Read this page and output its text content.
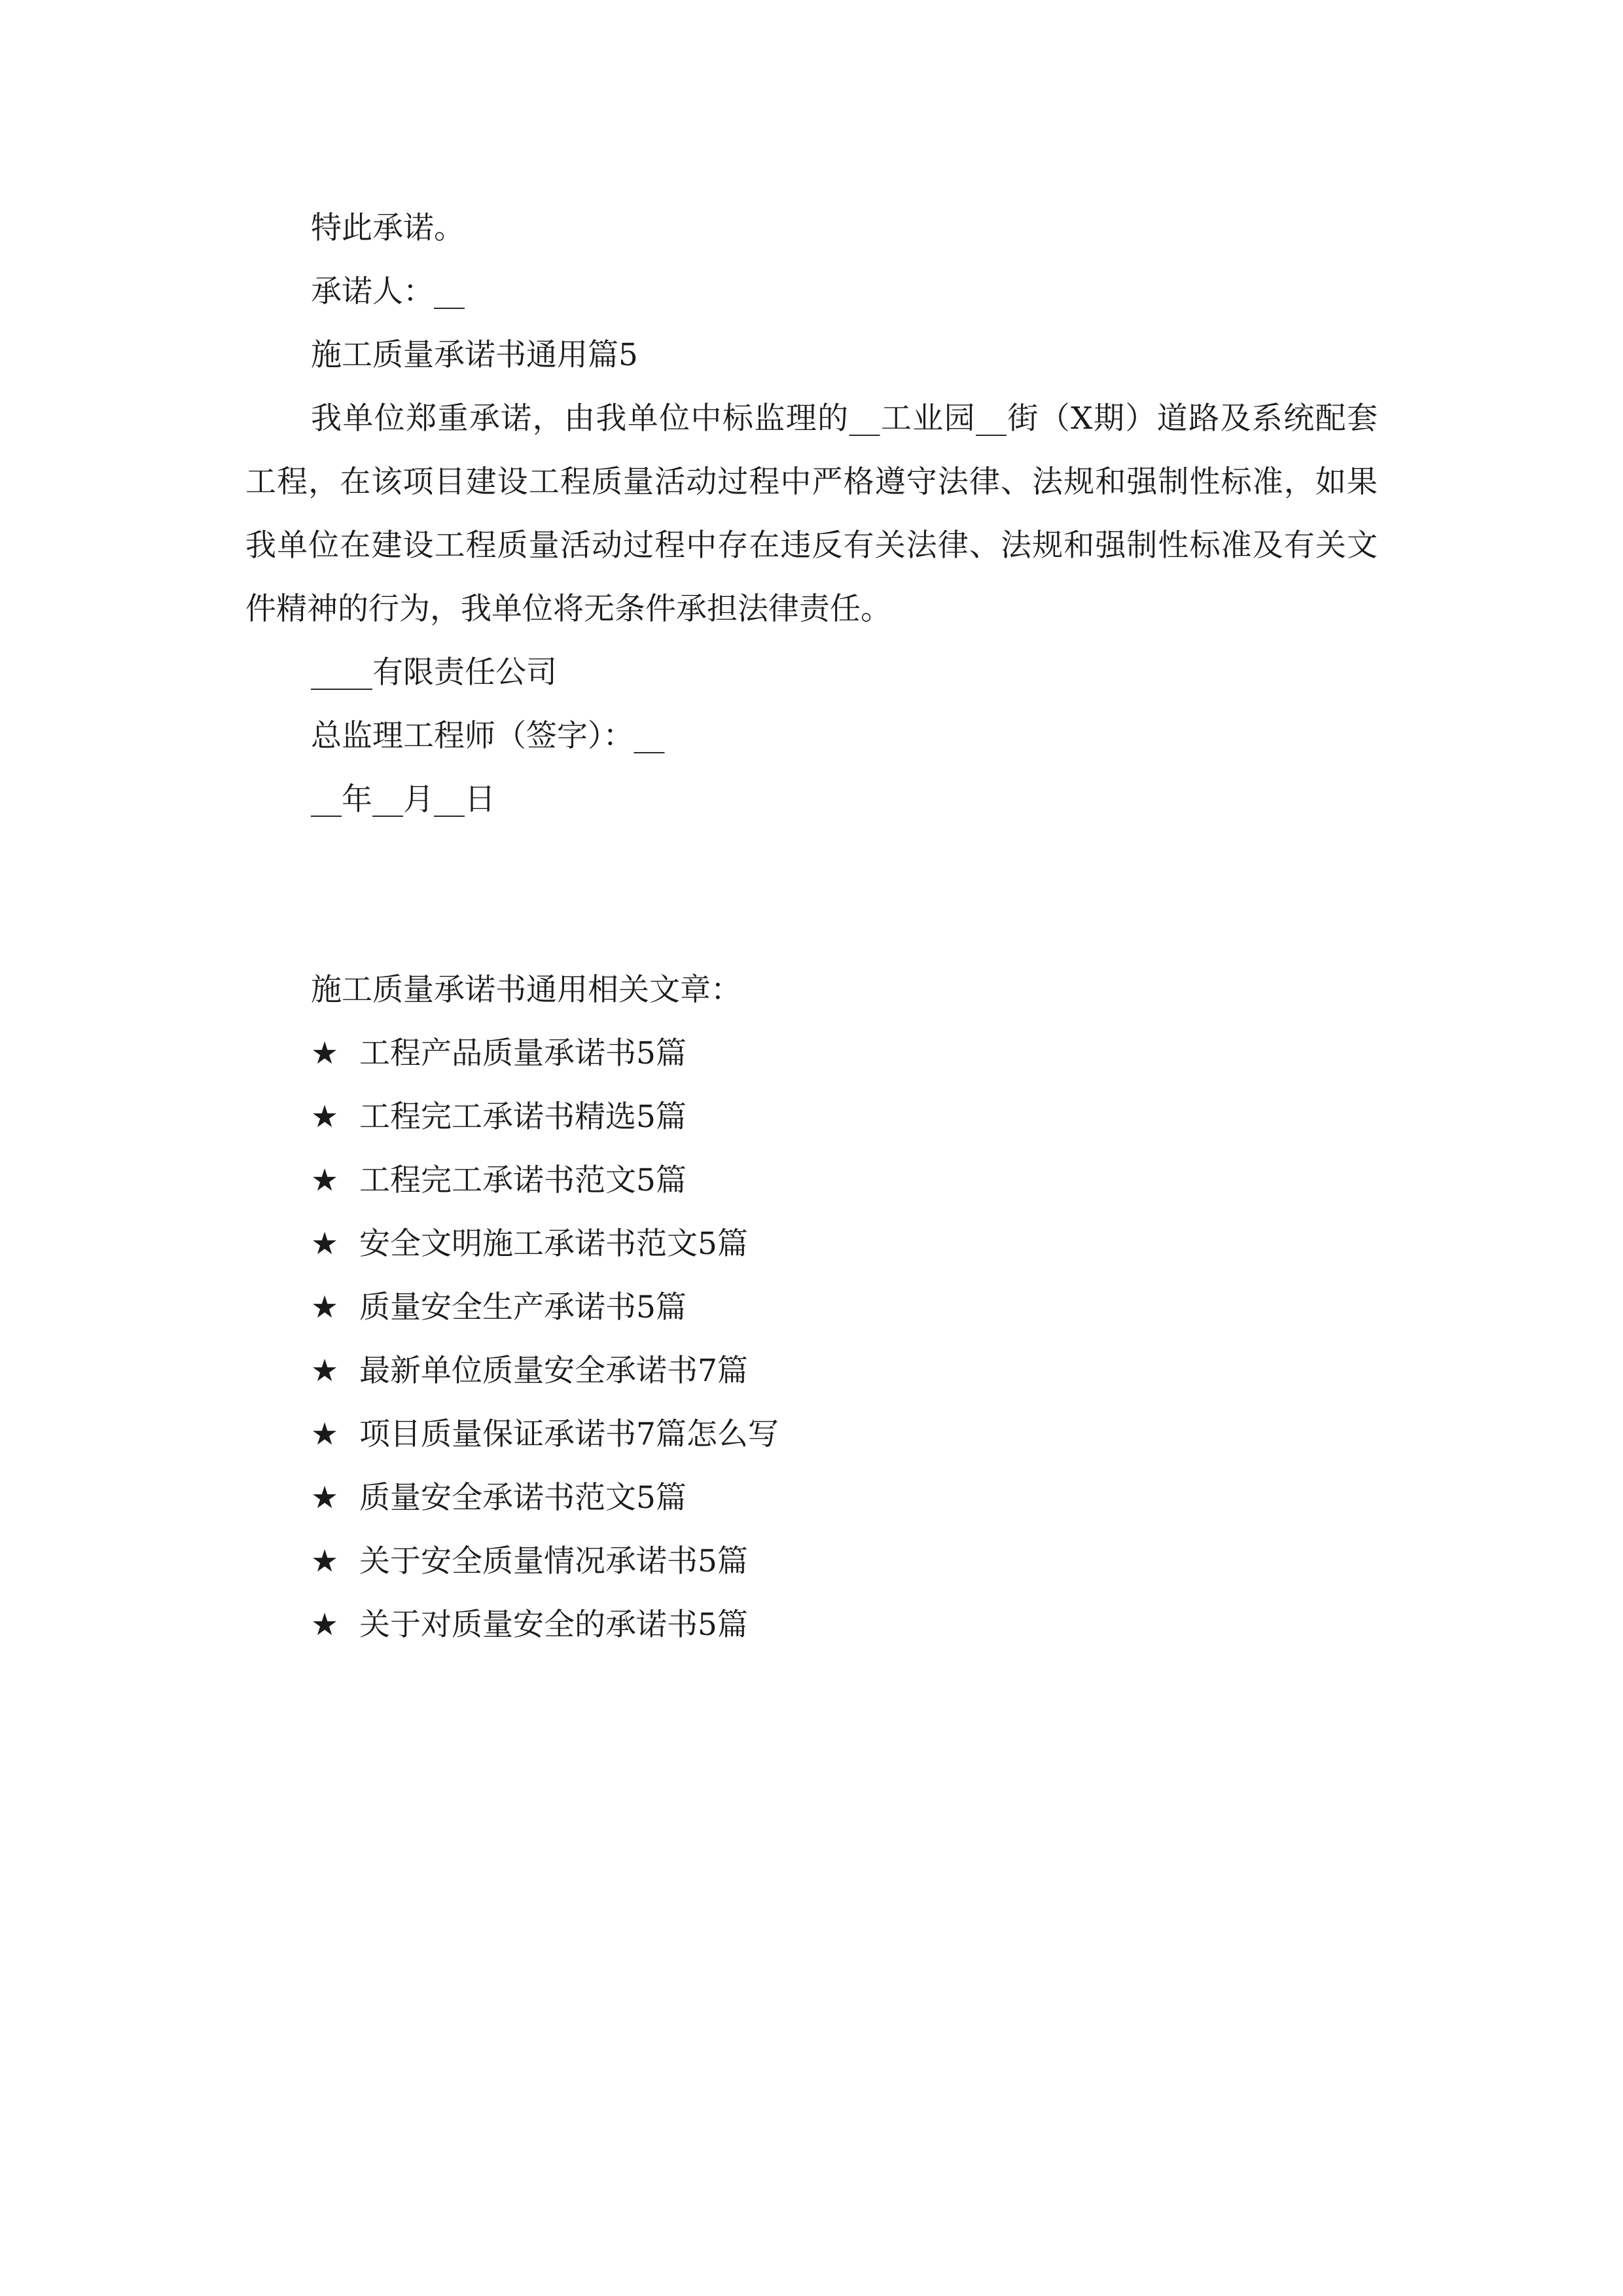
特此承诺。

承诺人：__

施工质量承诺书通用篇5

我单位郑重承诺，由我单位中标监理的__工业园__街（X期）道路及系统配套工程，在该项目建设工程质量活动过程中严格遵守法律、法规和强制性标准，如果我单位在建设工程质量活动过程中存在违反有关法律、法规和强制性标准及有关文件精神的行为，我单位将无条件承担法律责任。

____有限责任公司

总监理工程师（签字）：__

__年__月__日

施工质量承诺书通用相关文章：

★ 工程产品质量承诺书5篇
★ 工程完工承诺书精选5篇
★ 工程完工承诺书范文5篇
★ 安全文明施工承诺书范文5篇
★ 质量安全生产承诺书5篇
★ 最新单位质量安全承诺书7篇
★ 项目质量保证承诺书7篇怎么写
★ 质量安全承诺书范文5篇
★ 关于安全质量情况承诺书5篇
★ 关于对质量安全的承诺书5篇
